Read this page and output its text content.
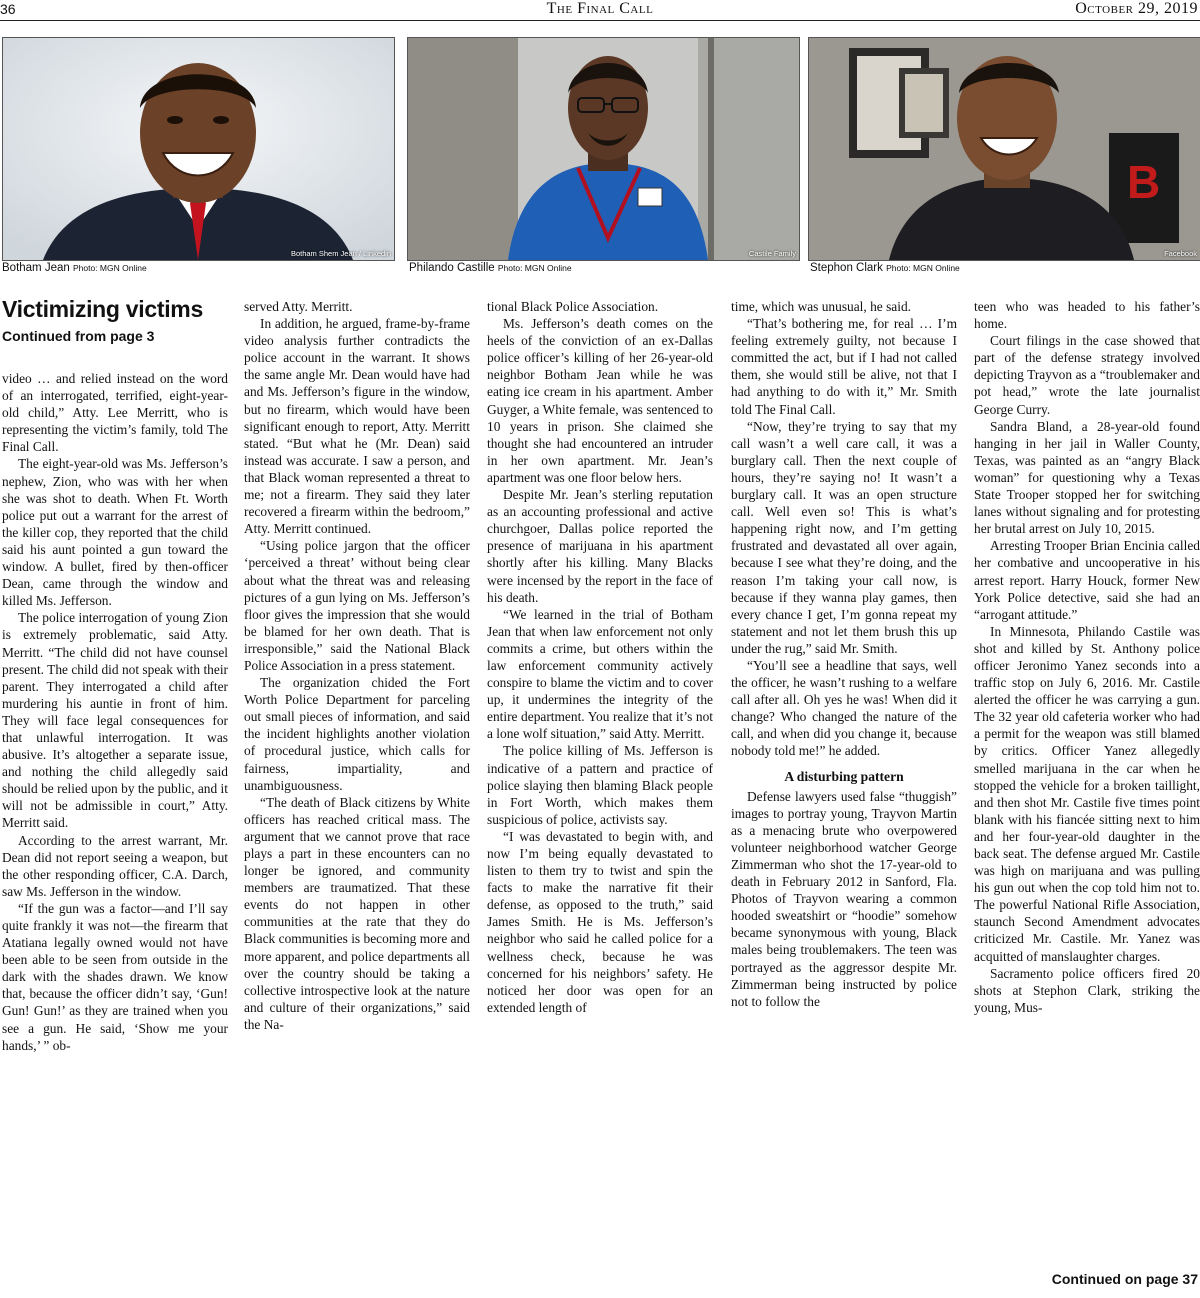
36	The Final Call	October 29, 2019
Botham Shem Jean / Linkedin
Botham Jean Photo: MGN Online
Castile Family
Philando Castille Photo: MGN Online
B
Facebook
Stephon Clark Photo: MGN Online
Victimizing victims
Continued from page 3

video … and relied instead on the word of an interrogated, terrified, eight-year-old child,” Atty. Lee Merritt, who is representing the victim’s family, told The Final Call.

The eight-year-old was Ms. Jefferson’s nephew, Zion, who was with her when she was shot to death. When Ft. Worth police put out a warrant for the arrest of the killer cop, they reported that the child said his aunt pointed a gun toward the window. A bullet, fired by then-officer Dean, came through the window and killed Ms. Jefferson.

The police interrogation of young Zion is extremely problematic, said Atty. Merritt. “The child did not have counsel present. The child did not speak with their parent. They interrogated a child after murdering his auntie in front of him. They will face legal consequences for that unlawful interrogation. It was abusive. It’s altogether a separate issue, and nothing the child allegedly said should be relied upon by the public, and it will not be admissible in court,” Atty. Merritt said.

According to the arrest warrant, Mr. Dean did not report seeing a weapon, but the other responding officer, C.A. Darch, saw Ms. Jefferson in the window.

“If the gun was a factor—and I’ll say quite frankly it was not—the firearm that Atatiana legally owned would not have been able to be seen from outside in the dark with the shades drawn. We know that, because the officer didn’t say, ‘Gun! Gun! Gun!’ as they are trained when you see a gun. He said, ‘Show me your hands,’ ” ob-

served Atty. Merritt.

In addition, he argued, frame-by-frame video analysis further contradicts the police account in the warrant. It shows the same angle Mr. Dean would have had and Ms. Jefferson’s figure in the window, but no firearm, which would have been significant enough to report, Atty. Merritt stated. “But what he (Mr. Dean) said instead was accurate. I saw a person, and that Black woman represented a threat to me; not a firearm. They said they later recovered a firearm within the bedroom,” Atty. Merritt continued.

“Using police jargon that the officer ‘perceived a threat’ without being clear about what the threat was and releasing pictures of a gun lying on Ms. Jefferson’s floor gives the impression that she would be blamed for her own death. That is irresponsible,” said the National Black Police Association in a press statement.

The organization chided the Fort Worth Police Department for parceling out small pieces of information, and said the incident highlights another violation of procedural justice, which calls for fairness, impartiality, and unambiguousness.

“The death of Black citizens by White officers has reached critical mass. The argument that we cannot prove that race plays a part in these encounters can no longer be ignored, and community members are traumatized. That these events do not happen in other communities at the rate that they do Black communities is becoming more and more apparent, and police departments all over the country should be taking a collective introspective look at the nature and culture of their organizations,” said the Na-

tional Black Police Association.

Ms. Jefferson’s death comes on the heels of the conviction of an ex-Dallas police officer’s killing of her 26-year-old neighbor Botham Jean while he was eating ice cream in his apartment. Amber Guyger, a White female, was sentenced to 10 years in prison. She claimed she thought she had encountered an intruder in her own apartment. Mr. Jean’s apartment was one floor below hers.

Despite Mr. Jean’s sterling reputation as an accounting professional and active churchgoer, Dallas police reported the presence of marijuana in his apartment shortly after his killing. Many Blacks were incensed by the report in the face of his death.

“We learned in the trial of Botham Jean that when law enforcement not only commits a crime, but others within the law enforcement community actively conspire to blame the victim and to cover up, it undermines the integrity of the entire department. You realize that it’s not a lone wolf situation,” said Atty. Merritt.

The police killing of Ms. Jefferson is indicative of a pattern and practice of police slaying then blaming Black people in Fort Worth, which makes them suspicious of police, activists say.

“I was devastated to begin with, and now I’m being equally devastated to listen to them try to twist and spin the facts to make the narrative fit their defense, as opposed to the truth,” said James Smith. He is Ms. Jefferson’s neighbor who said he called police for a wellness check, because he was concerned for his neighbors’ safety. He noticed her door was open for an extended length of

time, which was unusual, he said.

“That’s bothering me, for real … I’m feeling extremely guilty, not because I committed the act, but if I had not called them, she would still be alive, not that I had anything to do with it,” Mr. Smith told The Final Call.

“Now, they’re trying to say that my call wasn’t a well care call, it was a burglary call. Then the next couple of hours, they’re saying no! It wasn’t a burglary call. It was an open structure call. Well even so! This is what’s happening right now, and I’m getting frustrated and devastated all over again, because I see what they’re doing, and the reason I’m taking your call now, is because if they wanna play games, then every chance I get, I’m gonna repeat my statement and not let them brush this up under the rug,” said Mr. Smith.

“You’ll see a headline that says, well the officer, he wasn’t rushing to a welfare call after all. Oh yes he was! When did it change? Who changed the nature of the call, and when did you change it, because nobody told me!” he added.

A disturbing pattern

Defense lawyers used false “thuggish” images to portray young, Trayvon Martin as a menacing brute who overpowered volunteer neighborhood watcher George Zimmerman who shot the 17-year-old to death in February 2012 in Sanford, Fla. Photos of Trayvon wearing a common hooded sweatshirt or “hoodie” somehow became synonymous with young, Black males being troublemakers. The teen was portrayed as the aggressor despite Mr. Zimmerman being instructed by police not to follow the

teen who was headed to his father’s home.

Court filings in the case showed that part of the defense strategy involved depicting Trayvon as a “troublemaker and pot head,” wrote the late journalist George Curry.

Sandra Bland, a 28-year-old found hanging in her jail in Waller County, Texas, was painted as an “angry Black woman” for questioning why a Texas State Trooper stopped her for switching lanes without signaling and for protesting her brutal arrest on July 10, 2015.

Arresting Trooper Brian Encinia called her combative and uncooperative in his arrest report. Harry Houck, former New York Police detective, said she had an “arrogant attitude.”

In Minnesota, Philando Castile was shot and killed by St. Anthony police officer Jeronimo Yanez seconds into a traffic stop on July 6, 2016. Mr. Castile alerted the officer he was carrying a gun. The 32 year old cafeteria worker who had a permit for the weapon was still blamed by critics. Officer Yanez allegedly smelled marijuana in the car when he stopped the vehicle for a broken taillight, and then shot Mr. Castile five times point blank with his fiancée sitting next to him and her four-year-old daughter in the back seat. The defense argued Mr. Castile was high on marijuana and was pulling his gun out when the cop told him not to. The powerful National Rifle Association, staunch Second Amendment advocates criticized Mr. Castile. Mr. Yanez was acquitted of manslaughter charges.

Sacramento police officers fired 20 shots at Stephon Clark, striking the young, Mus-

Continued on page 37
